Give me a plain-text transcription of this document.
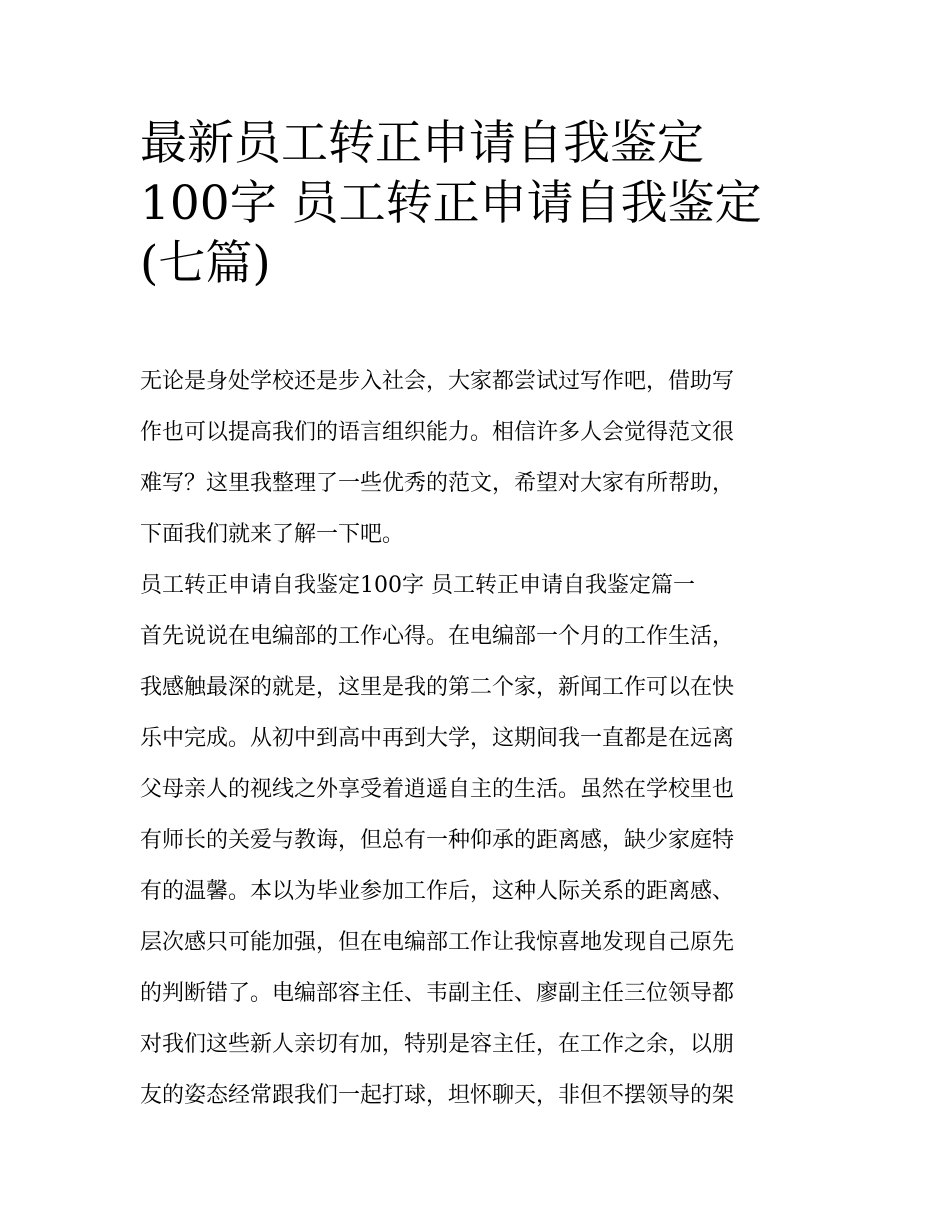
最新员工转正申请自我鉴定
100字 员工转正申请自我鉴定
(七篇)
无论是身处学校还是步入社会，大家都尝试过写作吧，借助写
作也可以提高我们的语言组织能力。相信许多人会觉得范文很
难写？这里我整理了一些优秀的范文，希望对大家有所帮助，
下面我们就来了解一下吧。
员工转正申请自我鉴定100字 员工转正申请自我鉴定篇一
首先说说在电编部的工作心得。在电编部一个月的工作生活，
我感触最深的就是，这里是我的第二个家，新闻工作可以在快
乐中完成。从初中到高中再到大学，这期间我一直都是在远离
父母亲人的视线之外享受着逍遥自主的生活。虽然在学校里也
有师长的关爱与教诲，但总有一种仰承的距离感，缺少家庭特
有的温馨。本以为毕业参加工作后，这种人际关系的距离感、
层次感只可能加强，但在电编部工作让我惊喜地发现自己原先
的判断错了。电编部容主任、韦副主任、廖副主任三位领导都
对我们这些新人亲切有加，特别是容主任，在工作之余，以朋
友的姿态经常跟我们一起打球，坦怀聊天，非但不摆领导的架
